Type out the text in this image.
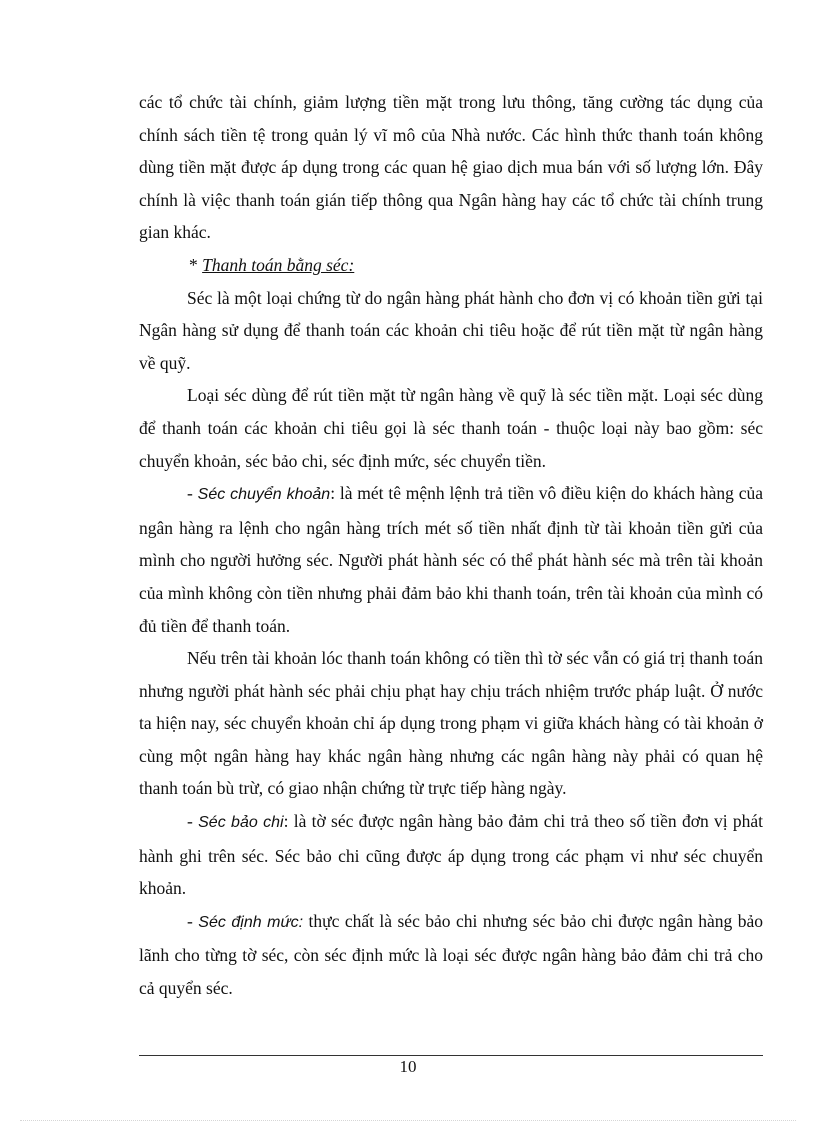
các tổ chức tài chính, giảm lượng tiền mặt trong lưu thông, tăng cường tác dụng của chính sách tiền tệ trong quản lý vĩ mô của Nhà nước. Các hình thức thanh toán không dùng tiền mặt được áp dụng trong các quan hệ giao dịch mua bán với số lượng lớn. Đây chính là việc thanh toán gián tiếp thông qua Ngân hàng hay các tổ chức tài chính trung gian khác.

* Thanh toán bằng séc:

Séc là một loại chứng từ do ngân hàng phát hành cho đơn vị có khoản tiền gửi tại Ngân hàng sử dụng để thanh toán các khoản chi tiêu hoặc để rút tiền mặt từ ngân hàng về quỹ.

Loại séc dùng để rút tiền mặt từ ngân hàng về quỹ là séc tiền mặt. Loại séc dùng để thanh toán các khoản chi tiêu gọi là séc thanh toán - thuộc loại này bao gồm: séc chuyển khoản, séc bảo chi, séc định mức, séc chuyển tiền.

- Séc chuyển khoản: là mét tê mệnh lệnh trả tiền vô điều kiện do khách hàng của ngân hàng ra lệnh cho ngân hàng trích mét số tiền nhất định từ tài khoản tiền gửi của mình cho người hưởng séc. Người phát hành séc có thể phát hành séc mà trên tài khoản của mình không còn tiền nhưng phải đảm bảo khi thanh toán, trên tài khoản của mình có đủ tiền để thanh toán.

Nếu trên tài khoản lóc thanh toán không có tiền thì tờ séc vẫn có giá trị thanh toán nhưng người phát hành séc phải chịu phạt hay chịu trách nhiệm trước pháp luật. Ở nước ta hiện nay, séc chuyển khoản chỉ áp dụng trong phạm vi giữa khách hàng có tài khoản ở cùng một ngân hàng hay khác ngân hàng nhưng các ngân hàng này phải có quan hệ thanh toán bù trừ, có giao nhận chứng từ trực tiếp hàng ngày.

- Séc bảo chi: là tờ séc được ngân hàng bảo đảm chi trả theo số tiền đơn vị phát hành ghi trên séc. Séc bảo chi cũng được áp dụng trong các phạm vi như séc chuyển khoản.

- Séc định mức: thực chất là séc bảo chi nhưng séc bảo chi được ngân hàng bảo lãnh cho từng tờ séc, còn séc định mức là loại séc được ngân hàng bảo đảm chi trả cho cả quyển séc.

10
